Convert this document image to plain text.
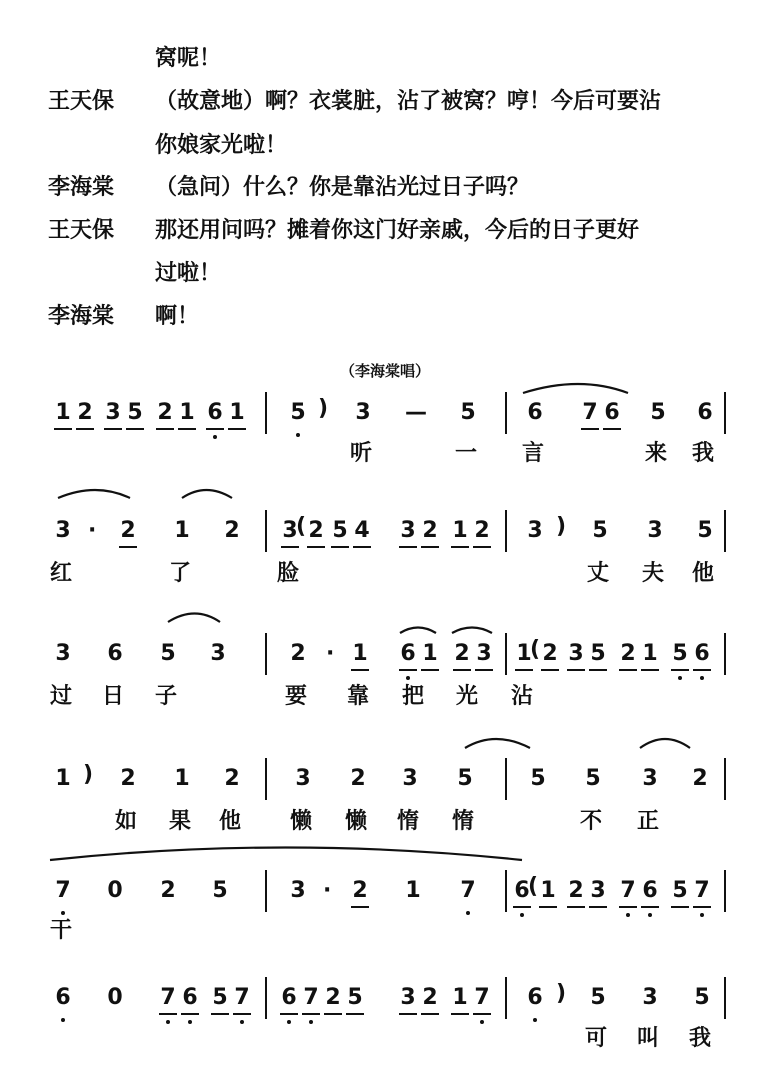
窝呢！
王天保 （故意地）啊？衣裳脏，沾了被窝？哼！今后可要沾
你娘家光啦！
李海棠 （急问）什么？你是靠沾光过日子吗？
王天保 那还用问吗？摊着你这门好亲戚，今后的日子更好
过啦！
李海棠 啊！
（李海棠唱）
1 2 3 5 2 1 6 1 5 ) 3 — 5 6 7 6 5 6
听	一 言	来 我
3 · 2 1 2 3
( 2 5 4 3 2 1 2 3 ) 5 3 5
红	了	脸	丈 夫 他
3 6 5 3	2 · 1 6 1 2 3 1
( 2 3 5 2 1 5 6
过 日 子	要 靠 把 光 沾
1 ) 2 1 2	3 2 3 5	5 5 3 2
如 果 他 懒 懒 惰 惰	不 正
7 0 2 5	3 · 2 1 7 6
( 1 2 3 7 6 5 7
干
6 0 7 6 5 7 6 7 2 5 3 2 1 7 6 ) 5 3 5
可 叫 我
